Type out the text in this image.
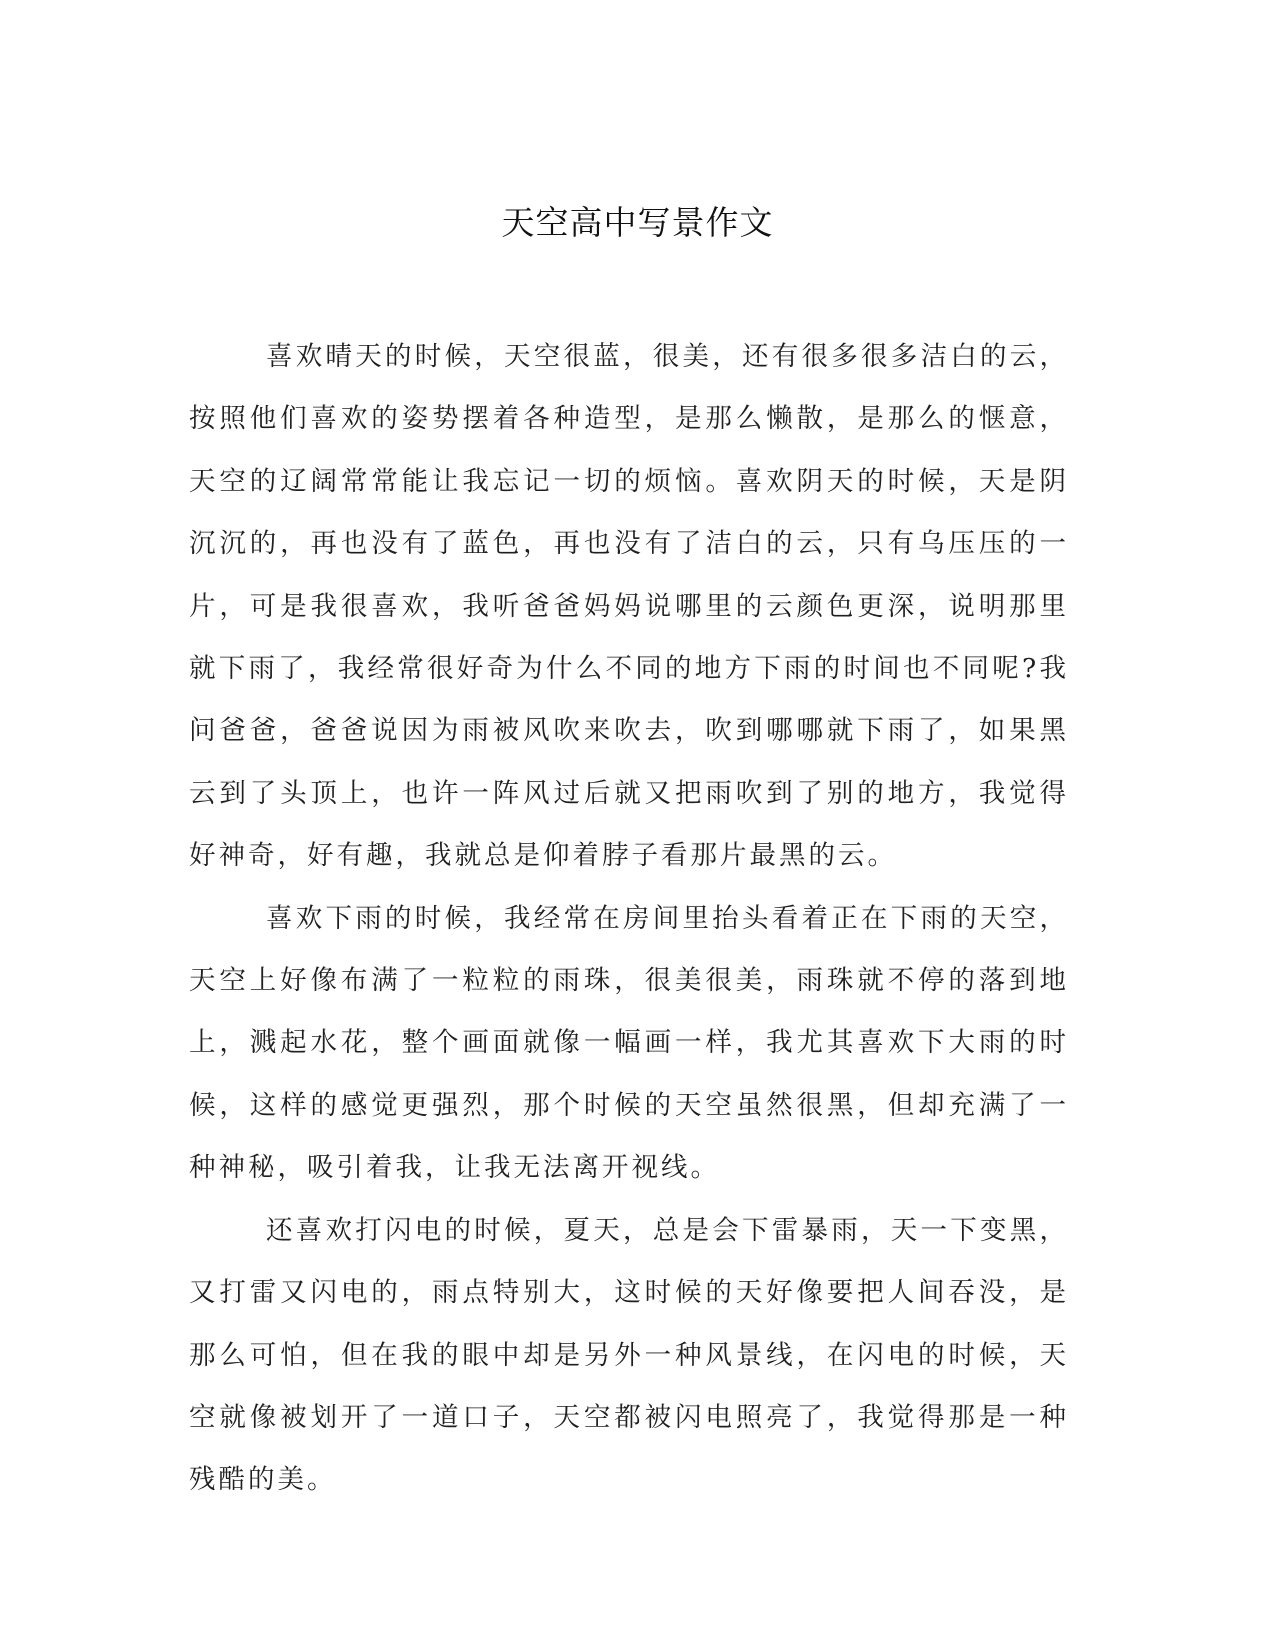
天空高中写景作文

喜欢晴天的时候，天空很蓝，很美，还有很多很多洁白的云，按照他们喜欢的姿势摆着各种造型，是那么懒散，是那么的惬意，天空的辽阔常常能让我忘记一切的烦恼。喜欢阴天的时候，天是阴沉沉的，再也没有了蓝色，再也没有了洁白的云，只有乌压压的一片，可是我很喜欢，我听爸爸妈妈说哪里的云颜色更深，说明那里就下雨了，我经常很好奇为什么不同的地方下雨的时间也不同呢?我问爸爸，爸爸说因为雨被风吹来吹去，吹到哪哪就下雨了，如果黑云到了头顶上，也许一阵风过后就又把雨吹到了别的地方，我觉得好神奇，好有趣，我就总是仰着脖子看那片最黑的云。

喜欢下雨的时候，我经常在房间里抬头看着正在下雨的天空，天空上好像布满了一粒粒的雨珠，很美很美，雨珠就不停的落到地上，溅起水花，整个画面就像一幅画一样，我尤其喜欢下大雨的时候，这样的感觉更强烈，那个时候的天空虽然很黑，但却充满了一种神秘，吸引着我，让我无法离开视线。

还喜欢打闪电的时候，夏天，总是会下雷暴雨，天一下变黑，又打雷又闪电的，雨点特别大，这时候的天好像要把人间吞没，是那么可怕，但在我的眼中却是另外一种风景线，在闪电的时候，天空就像被划开了一道口子，天空都被闪电照亮了，我觉得那是一种残酷的美。
